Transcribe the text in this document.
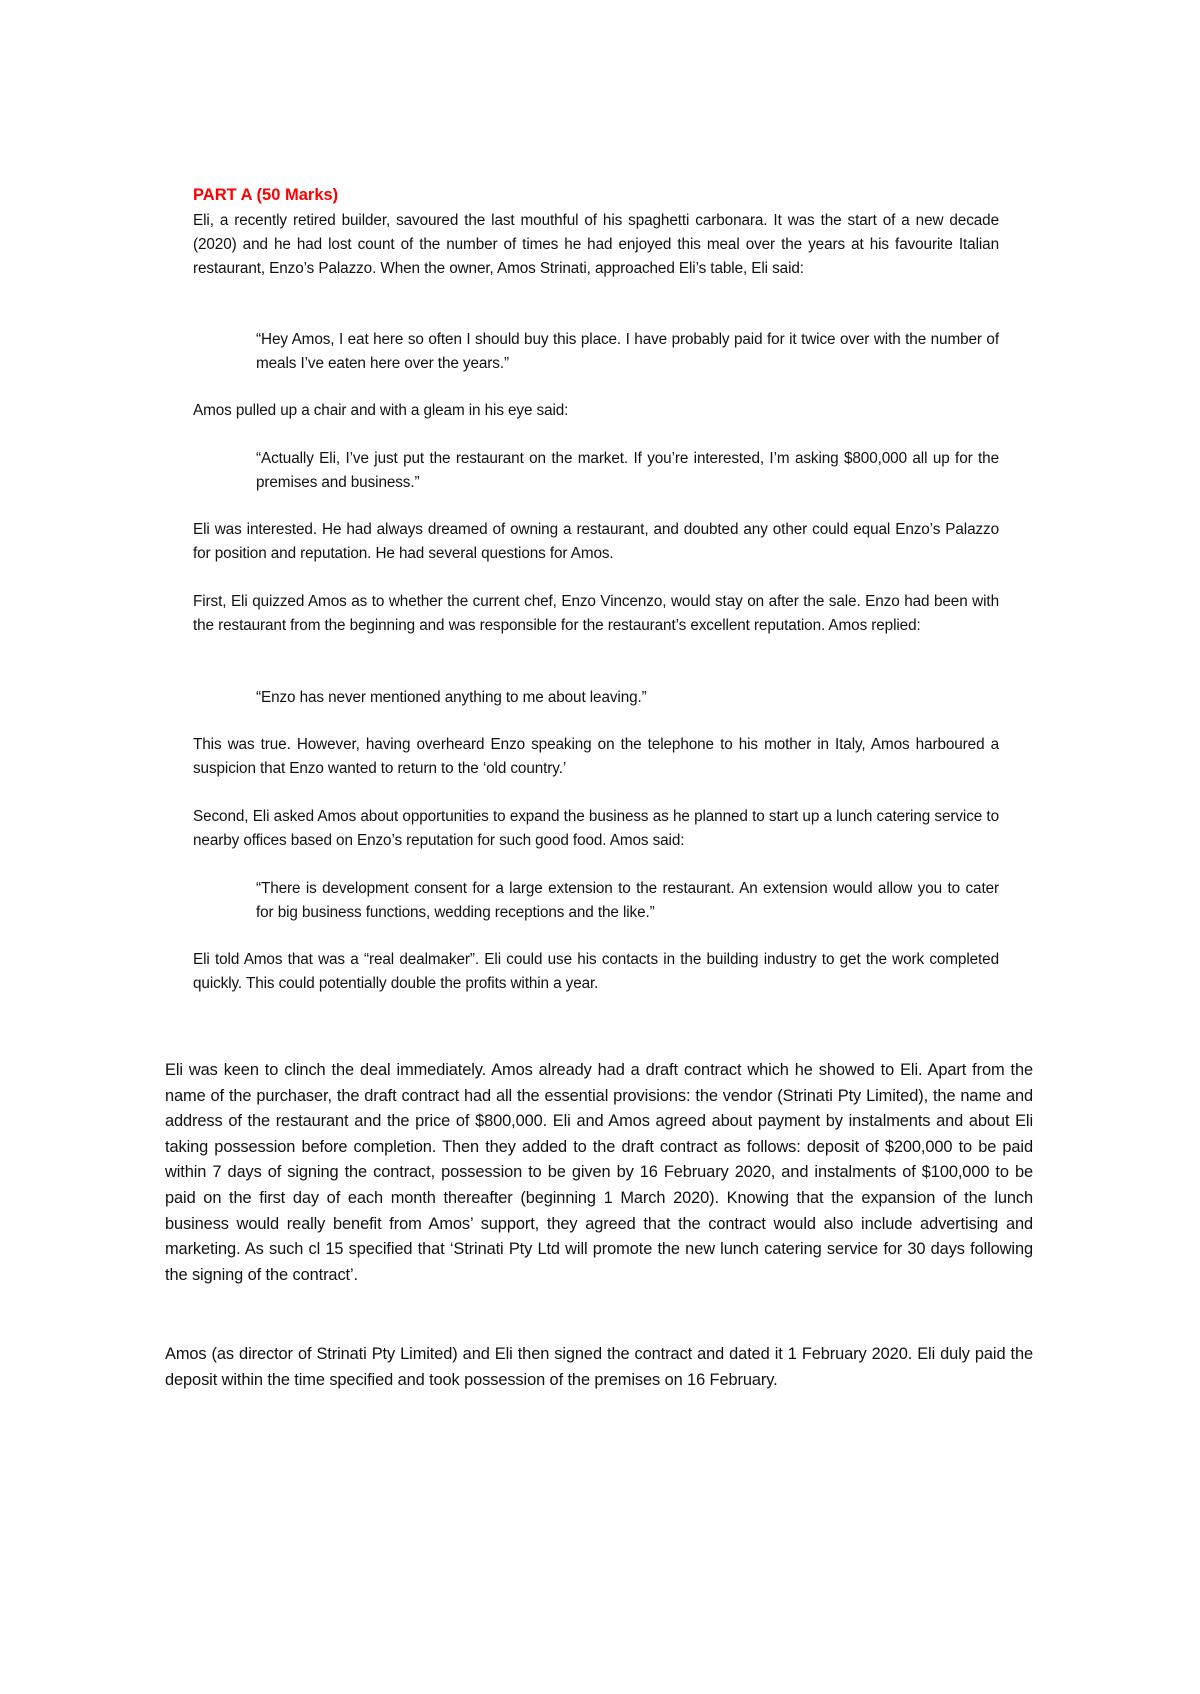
PART A (50 Marks)

Eli, a recently retired builder, savoured the last mouthful of his spaghetti carbonara. It was the start of a new decade (2020) and he had lost count of the number of times he had enjoyed this meal over the years at his favourite Italian restaurant, Enzo’s Palazzo. When the owner, Amos Strinati, approached Eli’s table, Eli said:

“Hey Amos, I eat here so often I should buy this place. I have probably paid for it twice over with the number of meals I’ve eaten here over the years.”

Amos pulled up a chair and with a gleam in his eye said:

“Actually Eli, I’ve just put the restaurant on the market. If you’re interested, I’m asking $800,000 all up for the premises and business.”

Eli was interested. He had always dreamed of owning a restaurant, and doubted any other could equal Enzo’s Palazzo for position and reputation. He had several questions for Amos.

First, Eli quizzed Amos as to whether the current chef, Enzo Vincenzo, would stay on after the sale. Enzo had been with the restaurant from the beginning and was responsible for the restaurant’s excellent reputation. Amos replied:

“Enzo has never mentioned anything to me about leaving.”

This was true. However, having overheard Enzo speaking on the telephone to his mother in Italy, Amos harboured a suspicion that Enzo wanted to return to the ‘old country.’

Second, Eli asked Amos about opportunities to expand the business as he planned to start up a lunch catering service to nearby offices based on Enzo’s reputation for such good food. Amos said:

“There is development consent for a large extension to the restaurant. An extension would allow you to cater for big business functions, wedding receptions and the like.”

Eli told Amos that was a “real dealmaker”. Eli could use his contacts in the building industry to get the work completed quickly. This could potentially double the profits within a year.

Eli was keen to clinch the deal immediately. Amos already had a draft contract which he showed to Eli. Apart from the name of the purchaser, the draft contract had all the essential provisions: the vendor (Strinati Pty Limited), the name and address of the restaurant and the price of $800,000. Eli and Amos agreed about payment by instalments and about Eli taking possession before completion. Then they added to the draft contract as follows: deposit of $200,000 to be paid within 7 days of signing the contract, possession to be given by 16 February 2020, and instalments of $100,000 to be paid on the first day of each month thereafter (beginning 1 March 2020). Knowing that the expansion of the lunch business would really benefit from Amos’ support, they agreed that the contract would also include advertising and marketing. As such cl 15 specified that ‘Strinati Pty Ltd will promote the new lunch catering service for 30 days following the signing of the contract’.

Amos (as director of Strinati Pty Limited) and Eli then signed the contract and dated it 1 February 2020. Eli duly paid the deposit within the time specified and took possession of the premises on 16 February.
